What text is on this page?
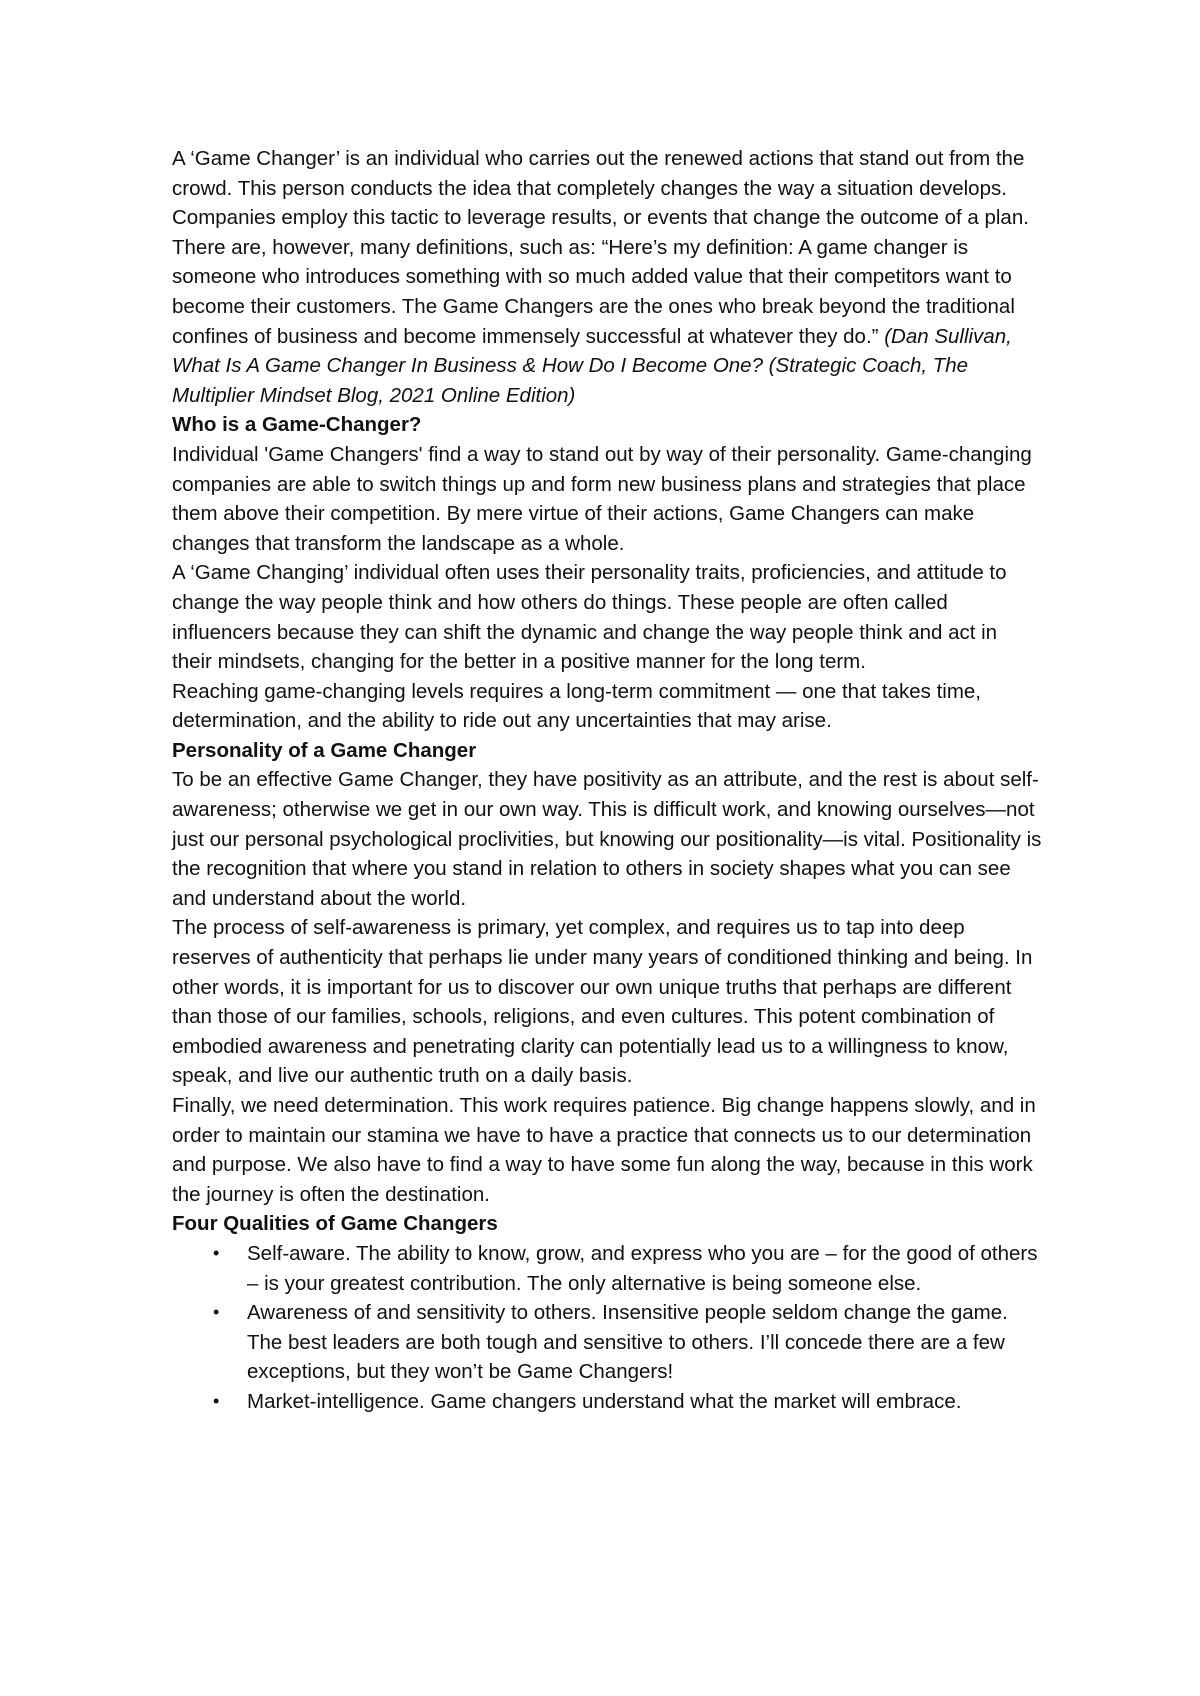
A ‘Game Changer’ is an individual who carries out the renewed actions that stand out from the crowd. This person conducts the idea that completely changes the way a situation develops. Companies employ this tactic to leverage results, or events that change the outcome of a plan.

There are, however, many definitions, such as: “Here’s my definition: A game changer is someone who introduces something with so much added value that their competitors want to become their customers. The Game Changers are the ones who break beyond the traditional confines of business and become immensely successful at whatever they do.” (Dan Sullivan, What Is A Game Changer In Business & How Do I Become One? (Strategic Coach, The Multiplier Mindset Blog, 2021 Online Edition)

Who is a Game-Changer?

Individual 'Game Changers' find a way to stand out by way of their personality. Game-changing companies are able to switch things up and form new business plans and strategies that place them above their competition. By mere virtue of their actions, Game Changers can make changes that transform the landscape as a whole.

A ‘Game Changing’ individual often uses their personality traits, proficiencies, and attitude to change the way people think and how others do things. These people are often called influencers because they can shift the dynamic and change the way people think and act in their mindsets, changing for the better in a positive manner for the long term.

Reaching game-changing levels requires a long-term commitment — one that takes time, determination, and the ability to ride out any uncertainties that may arise.

Personality of a Game Changer

To be an effective Game Changer, they have positivity as an attribute, and the rest is about self-awareness; otherwise we get in our own way. This is difficult work, and knowing ourselves—not just our personal psychological proclivities, but knowing our positionality—is vital. Positionality is the recognition that where you stand in relation to others in society shapes what you can see and understand about the world.

The process of self-awareness is primary, yet complex, and requires us to tap into deep reserves of authenticity that perhaps lie under many years of conditioned thinking and being. In other words, it is important for us to discover our own unique truths that perhaps are different than those of our families, schools, religions, and even cultures. This potent combination of embodied awareness and penetrating clarity can potentially lead us to a willingness to know, speak, and live our authentic truth on a daily basis.

Finally, we need determination. This work requires patience. Big change happens slowly, and in order to maintain our stamina we have to have a practice that connects us to our determination and purpose. We also have to find a way to have some fun along the way, because in this work the journey is often the destination.

Four Qualities of Game Changers

• Self-aware. The ability to know, grow, and express who you are – for the good of others – is your greatest contribution. The only alternative is being someone else.
• Awareness of and sensitivity to others. Insensitive people seldom change the game. The best leaders are both tough and sensitive to others. I’ll concede there are a few exceptions, but they won’t be Game Changers!
• Market-intelligence. Game changers understand what the market will embrace.
